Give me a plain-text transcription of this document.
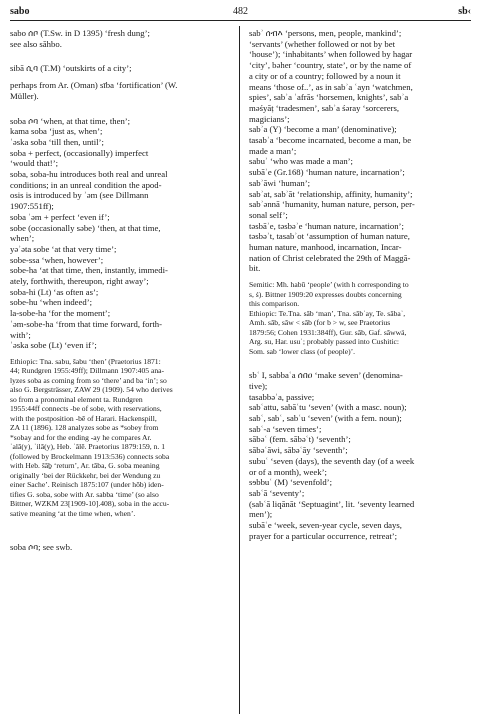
sabo	482	sb‹
sabo ሰቦ (T.Sw. in D 1395) ‘fresh dung’;
see also săhbo.
sibā ሲባ (T.M) ‘outskirts of a city’;
perhaps from Ar. (Oman) sība ‘fortification’ (W.
Müller).
soba ሶባ ‘when, at that time, then’;
kama soba ‘just as, when’;
ʾəska soba ‘till then, until’;
soba + perfect, (occasionally) imperfect
‘would that!’;
soba, soba-hu introduces both real and unreal
conditions; in an unreal condition the apod-
osis is introduced by ʾəm (see Dillmann
1907:551ff);
soba ʾəm + perfect ‘even if’;
sobe (occasionally səbe) ‘then, at that time,
when’;
yəʾəta sobe ‘at that very time’;
sobe-ssa ‘when, however’;
sobe-ha ‘at that time, then, instantly, immedi-
ately, forthwith, thereupon, right away’;
soba-hi (Lt) ‘as often as’;
sobe-hu ‘when indeed’;
la-sobe-ha ‘for the moment’;
ʾəm-sobe-ha ‘from that time forward, forth-
with’;
ʾəska sobe (Lt) ‘even if’;
Ethiopic: Tna. sabu, šabu ‘then’ (Praetorius 1871:
44; Rundgren 1955:49ff); Dillmann 1907:405 ana-
lyzes soba as coming from so ‘there’ and ba ‘in’; so
also G. Bergsträsser, ZAW 29 (1909). 54 who derives
so from a pronominal element ta. Rundgren
1955:44ff connects -be of sobe, with reservations,
with the postposition -bē of Harari. Hackenspill,
ZA 11 (1896). 128 analyzes sobe as *sobey from
*sobay and for the ending -ay he compares Ar.
ʾalā(y), ʾilā(y), Heb. ʿălē. Praetorius 1879:159, n. 1
(followed by Brockelmann 1913:536) connects soba
with Heb. šāḇ ‘return’, Ar. tāba, G. soba meaning
originally ‘bei der Rückkehr, bei der Wendung zu
einer Sache’. Reinisch 1875:107 (under hōb) iden-
tifies G. soba, sobe with Ar. sabba ‘time’ (so also
Bittner, WZKM 23[1909-10].408), soba in the accu-
sative meaning ‘at the time when, when’.
soba ሶባ; see swb.
sabʾ ሰብእ ‘persons, men, people, mankind’;
‘servants’ (whether followed or not by bet
‘house’); ‘inhabitants’ when followed by hagar
‘city’, bəher ‘country, state’, or by the name of
a city or of a country; followed by a noun it
means ‘those of..’, as in sabʾa ʿayn ‘watchmen,
spies’, sabʾa ʾafrās ‘horsemen, knights’, sabʾa
məśyāṭ ‘tradesmen’, sabʾa śəray ‘sorcerers,
magicians’;
sabʾa (Y) ‘become a man’ (denominative);
tasabʾa ‘become incarnated, become a man, be
made a man’;
sabuʾ ‘who was made a man’;
subāʾe (Gr.168) ‘human nature, incarnation’;
sabʾāwi ‘human’;
sabʾat, sabʾāt ‘relationship, affinity, humanity’;
sabʾənnā ‘humanity, human nature, person, per-
sonal self’;
təsbāʾe, təsbəʾe ‘human nature, incarnation’;
təsbəʾt, tasabʾot ‘assumption of human nature,
human nature, manhood, incarnation, Incar-
nation of Christ celebrated the 29th of Maggā-
bit.
Semitic: Mh. habū ‘people’ (with h corresponding to
s, ś). Bittner 1909:20 expresses doubts concerning
this comparison.
Ethiopic: Te.Tna. sāb ‘man’, Tna. sābʾay, Te. sābaʾ,
Amh. sāb, sāw < sāb (for b > w, see Praetorius
1879:56; Cohen 1931:384ff), Gur. sāb, Gaf. sāwwä,
Arg. su, Har. usuʾ; probably passed into Cushitic:
Som. sab ‘lower class (of people)’.
sbʿ I, sabbaʿa ሰበዐ ‘make seven’ (denomina-
tive);
tasabbəʿa, passive;
sabʿattu, sabāʿtu ‘seven’ (with a masc. noun);
sabʿ, sabʿ, sabʿu ‘seven’ (with a fem. noun);
sabʿ-a ‘seven times’;
sābəʿ (fem. sābəʿt) ‘seventh’;
sābəʿāwi, sābəʿāy ‘seventh’;
subuʿ ‘seven (days), the seventh day (of a week
or of a month), week’;
sɘbbuʿ (M) ‘sevenfold’;
sabʿā ‘seventy’;
(sabʿā liqānāt ‘Septuagint’, lit. ‘seventy learned
men’);
subāʿe ‘week, seven-year cycle, seven days,
prayer for a particular occurrence, retreat’;
